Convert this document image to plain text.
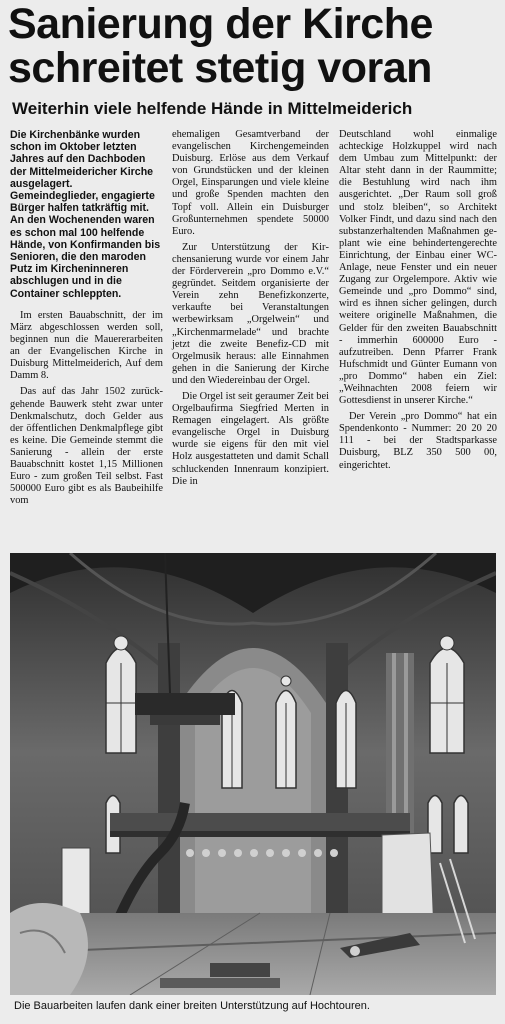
Sanierung der Kirche schreitet stetig voran
Weiterhin viele helfende Hände in Mittelmeiderich

Die Kirchenbänke wurden schon im Oktober letzten Jahres auf den Dachboden der Mittelmeidericher Kirche ausgelagert. Gemeindeglieder, engagierte Bürger halfen tatkräftig mit. An den Wochenenden waren es schon mal 100 helfende Hände, von Konfirmanden bis Senioren, die den maroden Putz im Kircheninneren abschlugen und in die Container schleppten.

Im ersten Bauabschnitt, der im März abgeschlossen werden soll, beginnen nun die Mauererarbeiten an der Evangelischen Kirche in Duisburg Mittelmeiderich, Auf dem Damm 8.

Das auf das Jahr 1502 zurückgehende Bauwerk steht zwar unter Denkmalschutz, doch Gelder aus der öffentlichen Denkmalpflege gibt es keine. Die Gemeinde stemmt die Sanierung - allein der erste Bauabschnitt kostet 1,15 Millionen Euro - zum großen Teil selbst. Fast 500000 Euro gibt es als Baubeihilfe vom

ehemaligen Gesamtverband der evangelischen Kirchengemeinden Duisburg. Erlöse aus dem Verkauf von Grundstücken und der kleinen Orgel, Einsparungen und viele kleine und große Spenden machten den Topf voll. Allein ein Duisburger Großunternehmen spendete 50000 Euro.

Zur Unterstützung der Kirchensanierung wurde vor einem Jahr der Förderverein „pro Dommo e.V.“ gegründet. Seitdem organisierte der Verein zehn Benefizkonzerte, verkaufte bei Veranstaltungen werbewirksam „Orgelwein“ und „Kirchenmarmelade“ und brachte jetzt die zweite Benefiz-CD mit Orgelmusik heraus: alle Einnahmen gehen in die Sanierung der Kirche und den Wiedereinbau der Orgel.

Die Orgel ist seit geraumer Zeit bei Orgelbaufirma Siegfried Merten in Remagen eingelagert. Als größte evangelische Orgel in Duisburg wurde sie eigens für den mit viel Holz ausgestatteten und damit Schall schluckenden Innenraum konzipiert. Die in

Deutschland wohl einmalige achteckige Holzkuppel wird nach dem Umbau zum Mittelpunkt: der Altar steht dann in der Raummitte; die Bestuhlung wird nach ihm ausgerichtet. „Der Raum soll groß und stolz bleiben“, so Architekt Volker Findt, und dazu sind nach den substanzerhaltenden Maßnahmen geplant wie eine behindertengerechte Einrichtung, der Einbau einer WC-Anlage, neue Fenster und ein neuer Zugang zur Orgelempore. Aktiv wie Gemeinde und „pro Dommo“ sind, wird es ihnen sicher gelingen, durch weitere originelle Maßnahmen, die Gelder für den zweiten Bauabschnitt - immerhin 600000 Euro - aufzutreiben. Denn Pfarrer Frank Hufschmidt und Günter Eumann von „pro Dommo“ haben ein Ziel: „Weihnachten 2008 feiern wir Gottesdienst in unserer Kirche.“

Der Verein „pro Dommo“ hat ein Spendenkonto - Nummer: 20 20 20 111 - bei der Stadtsparkasse Duisburg, BLZ 350 500 00, eingerichtet.

Die Bauarbeiten laufen dank einer breiten Unterstützung auf Hochtouren.
